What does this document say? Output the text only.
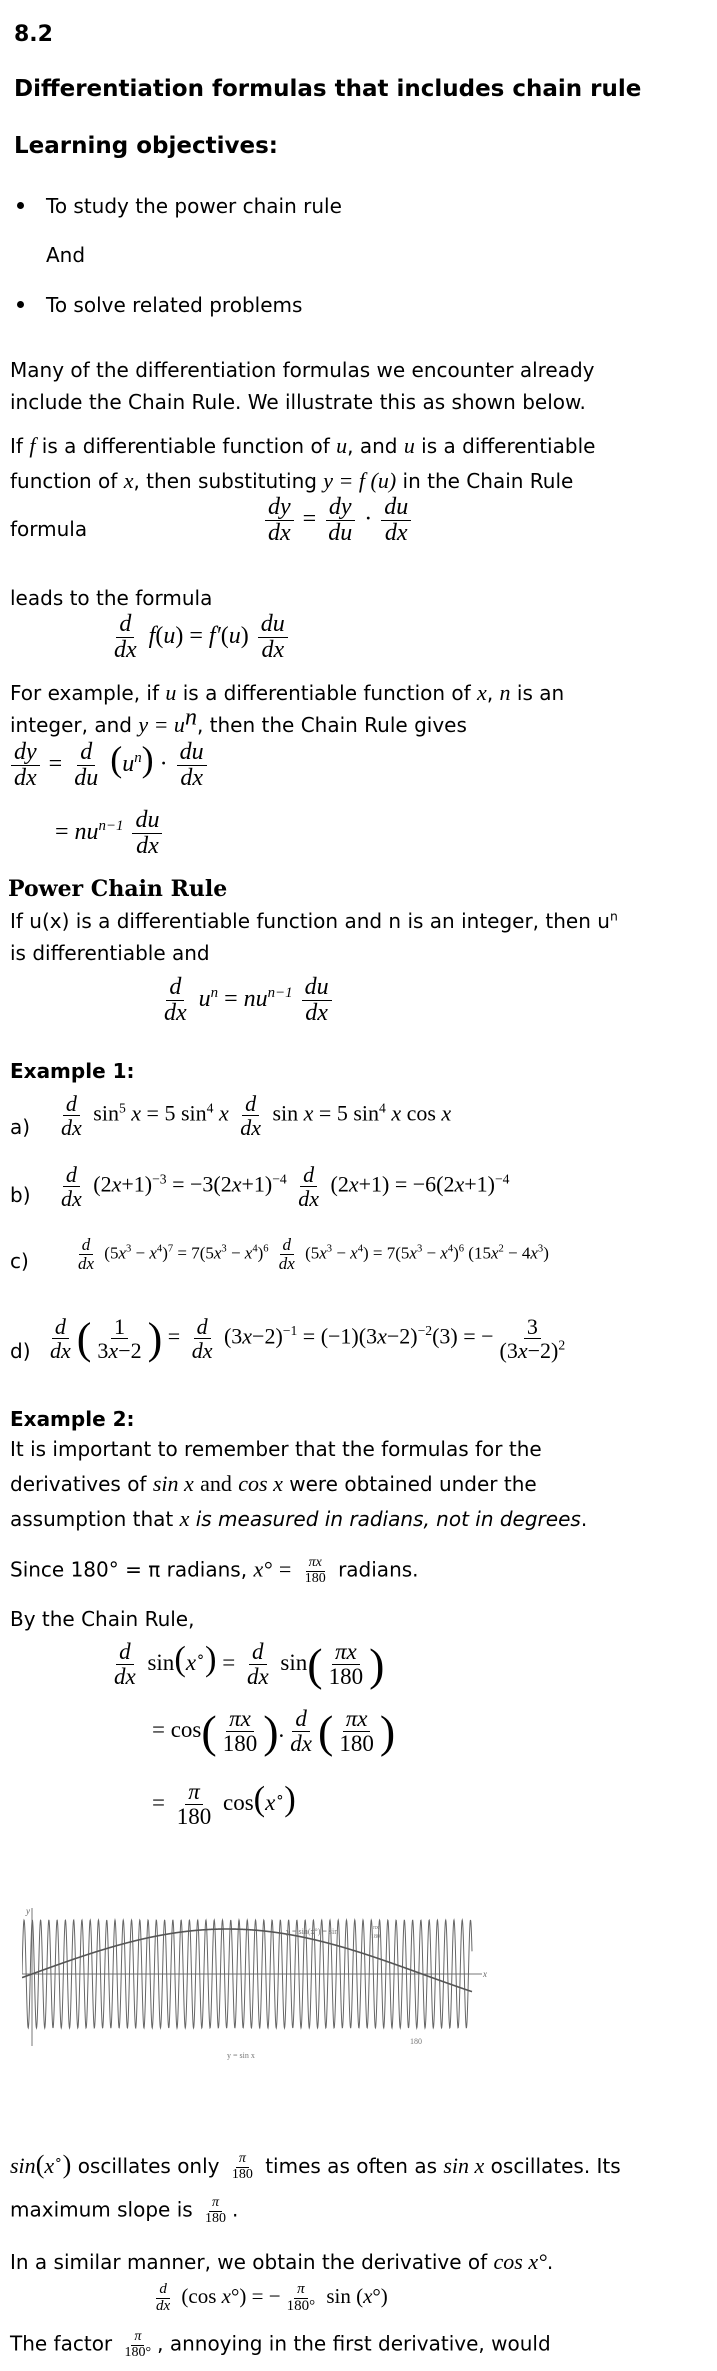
8.2
Differentiation formulas that includes chain rule
Learning objectives:
To study the power chain rule
And
To solve related problems
Many of the differentiation formulas we encounter already
include the Chain Rule. We illustrate this as shown below.
If f is a differentiable function of u, and u is a differentiable
function of x, then substituting y = f (u) in the Chain Rule
formula	$\frac{dy}{dx} = \frac{dy}{du} \cdot \frac{du}{dx}$
leads to the formula
$\frac{d}{dx} f(u) = f'(u) \frac{du}{dx}$
For example, if u is a differentiable function of x, n is an
integer, and $y = u^n$, then the Chain Rule gives
$\frac{dy}{dx} = \frac{d}{du} (u^n) \cdot \frac{du}{dx}$
= $nu^{n-1} \frac{du}{dx}$
Power Chain Rule
If u(x) is a differentiable function and n is an integer, then $u^n$
is differentiable and
$\frac{d}{dx} u^n = nu^{n-1} \frac{du}{dx}$
Example 1:
$a) \frac{d}{dx} \sin^5 x = 5$ $\sin^4 x \frac{d}{dx}$ sin x = 5 $\sin^4 x$ cos x
$b) \frac{d}{dx} (2x+1)^{-3} = -3(2x+1)^{-4} \frac{d}{dx} (2x+1) = -6(2x+1)^{-4}$
c)	$\frac{d}{dx} (5x^3 - x^4)^7 = 7(5x^3 - x^4)^6 \frac{d}{dx} (5x^3 - x^4) = 7(5x^3 - x^4)^6$ $(15x^2 - 4x^3)$
$d) \frac{d}{dx}$ ( $\frac{1}{3x-2}$ ) = $\frac{d}{dx} (3x-2)^{-1} = (-1)(3x-2)^{-2}(3)$ = − $\frac{3}{(3x-2)^2}$
Example 2:
It is important to remember that the formulas for the
derivatives of sin x and cos x were obtained under the
assumption that x is measured in radians, not in degrees.
Since 180° = π radians, $x^\circ = \frac{\pi x}{180}$ radians.
By the Chain Rule,
$\frac{d}{dx} \sin(x^\circ) = \frac{d}{dx} \sin( \frac{\pi x}{180}$ )
= $\cos( \frac{\pi x}{180}$ ). $\frac{d}{dx}$ ( $\frac{\pi x}{180}$ )
= $\frac{\pi}{180} \cos(x^\circ)$
y
x
y = sin(x°) = sin	πx
180
y = sin x
180
sin(x∘) oscillates only $\frac{\pi}{180}$ times as often as sin x oscillates. Its
maximum slope is $\frac{\pi}{180}$ .
In a similar manner, we obtain the derivative of cos x°.
$\frac{d}{dx} (\cos$ x°) = − $\frac{\pi}{180^\circ}$ sin (x°)
The factor $\frac{\pi}{180^\circ}$ , annoying in the first derivative, would
